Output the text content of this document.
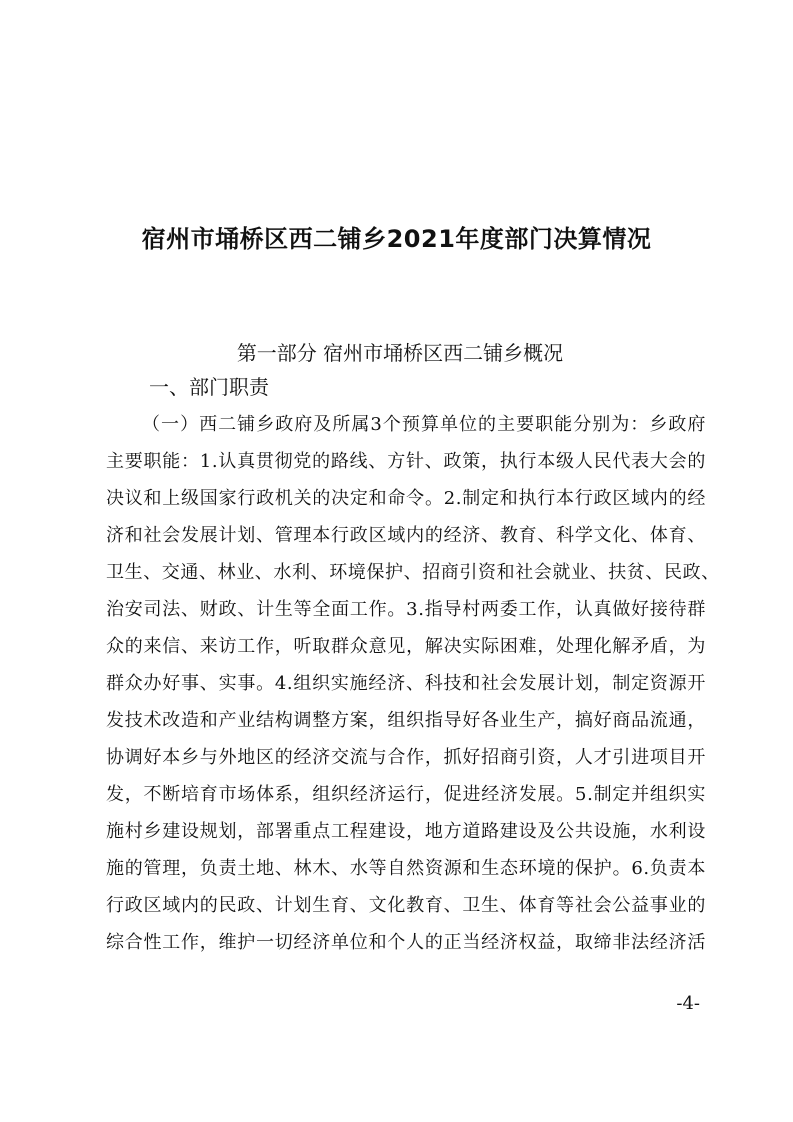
宿州市埇桥区西二铺乡2021年度部门决算情况
第一部分 宿州市埇桥区西二铺乡概况
一、部门职责
（一）西二铺乡政府及所属3个预算单位的主要职能分别为：乡政府
主要职能：1.认真贯彻党的路线、方针、政策，执行本级人民代表大会的
决议和上级国家行政机关的决定和命令。2.制定和执行本行政区域内的经
济和社会发展计划、管理本行政区域内的经济、教育、科学文化、体育、
卫生、交通、林业、水利、环境保护、招商引资和社会就业、扶贫、民政、
治安司法、财政、计生等全面工作。3.指导村两委工作，认真做好接待群
众的来信、来访工作，听取群众意见，解决实际困难，处理化解矛盾，为
群众办好事、实事。4.组织实施经济、科技和社会发展计划，制定资源开
发技术改造和产业结构调整方案，组织指导好各业生产，搞好商品流通，
协调好本乡与外地区的经济交流与合作，抓好招商引资，人才引进项目开
发，不断培育市场体系，组织经济运行，促进经济发展。5.制定并组织实
施村乡建设规划，部署重点工程建设，地方道路建设及公共设施，水利设
施的管理，负责土地、林木、水等自然资源和生态环境的保护。6.负责本
行政区域内的民政、计划生育、文化教育、卫生、体育等社会公益事业的
综合性工作，维护一切经济单位和个人的正当经济权益，取缔非法经济活
-4-
